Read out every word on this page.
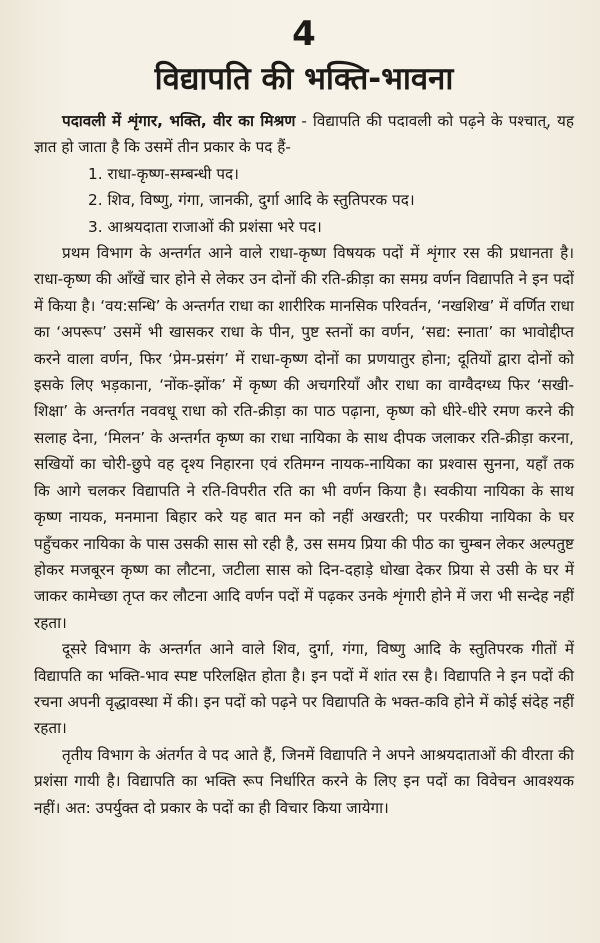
4
विद्यापति की भक्ति-भावना

पदावली में शृंगार, भक्ति, वीर का मिश्रण - विद्यापति की पदावली को पढ़ने के पश्चात्, यह ज्ञात हो जाता है कि उसमें तीन प्रकार के पद हैं-

1. राधा-कृष्ण-सम्बन्धी पद।
2. शिव, विष्णु, गंगा, जानकी, दुर्गा आदि के स्तुतिपरक पद।
3. आश्रयदाता राजाओं की प्रशंसा भरे पद।

प्रथम विभाग के अन्तर्गत आने वाले राधा-कृष्ण विषयक पदों में शृंगार रस की प्रधानता है। राधा-कृष्ण की आँखें चार होने से लेकर उन दोनों की रति-क्रीड़ा का समग्र वर्णन विद्यापति ने इन पदों में किया है। ‘वय:सन्धि’ के अन्तर्गत राधा का शारीरिक मानसिक परिवर्तन, ‘नखशिख’ में वर्णित राधा का ‘अपरूप’ उसमें भी खासकर राधा के पीन, पुष्ट स्तनों का वर्णन, ‘सद्य: स्नाता’ का भावोद्दीप्त करने वाला वर्णन, फिर ‘प्रेम-प्रसंग’ में राधा-कृष्ण दोनों का प्रणयातुर होना; दूतियों द्वारा दोनों को इसके लिए भड़काना, ‘नोंक-झोंक’ में कृष्ण की अचगरियाँ और राधा का वाग्वैदग्ध्य फिर ‘सखी-शिक्षा’ के अन्तर्गत नववधू राधा को रति-क्रीड़ा का पाठ पढ़ाना, कृष्ण को धीरे-धीरे रमण करने की सलाह देना, ‘मिलन’ के अन्तर्गत कृष्ण का राधा नायिका के साथ दीपक जलाकर रति-क्रीड़ा करना, सखियों का चोरी-छुपे वह दृश्य निहारना एवं रतिमग्न नायक-नायिका का प्रश्वास सुनना, यहाँ तक कि आगे चलकर विद्यापति ने रति-विपरीत रति का भी वर्णन किया है। स्वकीया नायिका के साथ कृष्ण नायक, मनमाना बिहार करे यह बात मन को नहीं अखरती; पर परकीया नायिका के घर पहुँचकर नायिका के पास उसकी सास सो रही है, उस समय प्रिया की पीठ का चुम्बन लेकर अल्पतुष्ट होकर मजबूरन कृष्ण का लौटना, जटीला सास को दिन-दहाड़े धोखा देकर प्रिया से उसी के घर में जाकर कामेच्छा तृप्त कर लौटना आदि वर्णन पदों में पढ़कर उनके शृंगारी होने में जरा भी सन्देह नहीं रहता।

दूसरे विभाग के अन्तर्गत आने वाले शिव, दुर्गा, गंगा, विष्णु आदि के स्तुतिपरक गीतों में विद्यापति का भक्ति-भाव स्पष्ट परिलक्षित होता है। इन पदों में शांत रस है। विद्यापति ने इन पदों की रचना अपनी वृद्धावस्था में की। इन पदों को पढ़ने पर विद्यापति के भक्त-कवि होने में कोई संदेह नहीं रहता।

तृतीय विभाग के अंतर्गत वे पद आते हैं, जिनमें विद्यापति ने अपने आश्रयदाताओं की वीरता की प्रशंसा गायी है। विद्यापति का भक्ति रूप निर्धारित करने के लिए इन पदों का विवेचन आवश्यक नहीं। अत: उपर्युक्त दो प्रकार के पदों का ही विचार किया जायेगा।
